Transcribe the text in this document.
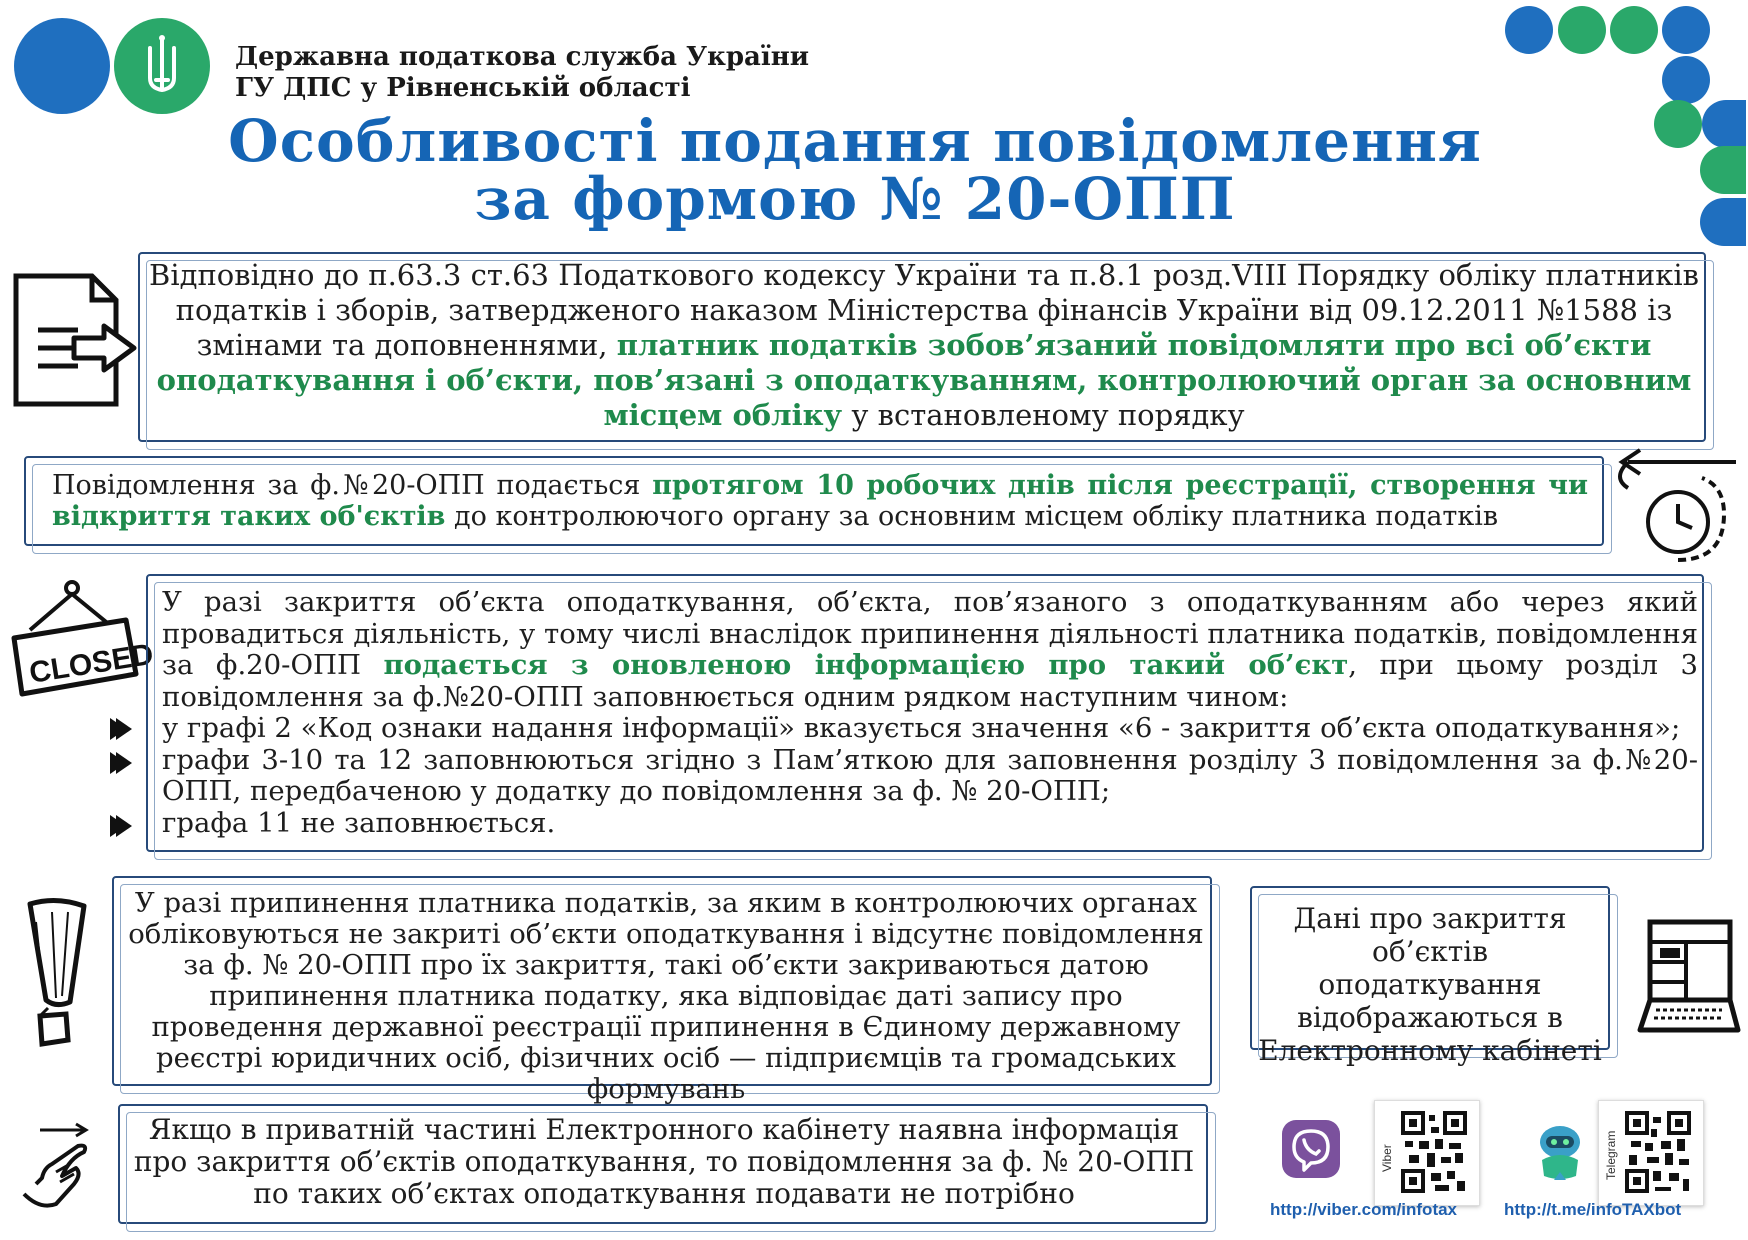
Державна податкова служба України
ГУ ДПС у Рівненській області
Особливості подання повідомлення
за формою № 20-ОПП
Відповідно до п.63.3 ст.63 Податкового кодексу України та п.8.1 розд.VIII Порядку обліку платників податків і зборів, затвердженого наказом Міністерства фінансів України від 09.12.2011 №1588 із змінами та доповненнями, платник податків зобов’язаний повідомляти про всі об’єкти оподаткування і об’єкти, пов’язані з оподаткуванням, контролюючий орган за основним місцем обліку у встановленому порядку
Повідомлення за ф.№20-ОПП подається протягом 10 робочих днів після реєстрації, створення чи відкриття таких об'єктів до контролюючого органу за основним місцем обліку платника податків
CLOSED
У разі закриття об’єкта оподаткування, об’єкта, пов’язаного з оподаткуванням або через який провадиться діяльність, у тому числі внаслідок припинення діяльності платника податків, повідомлення за ф.20-ОПП подається з оновленою інформацією про такий об’єкт, при цьому розділ 3 повідомлення за ф.№20-ОПП заповнюється одним рядком наступним чином:
у графі 2 «Код ознаки надання інформації» вказується значення «6 - закриття об’єкта оподаткування»;
графи 3-10 та 12 заповнюються згідно з Пам’яткою для заповнення розділу 3 повідомлення за ф.№20-ОПП, передбаченою у додатку до повідомлення за ф. № 20-ОПП;
графа 11 не заповнюється.
У разі припинення платника податків, за яким в контролюючих органах обліковуються не закриті об’єкти оподаткування і відсутнє повідомлення за ф. № 20-ОПП про їх закриття, такі об’єкти закриваються датою припинення платника податку, яка відповідає даті запису про проведення державної реєстрації припинення в Єдиному державному реєстрі юридичних осіб, фізичних осіб — підприємців та громадських формувань
Дані про закриття об’єктів оподаткування відображаються в Електронному кабінеті
Якщо в приватній частині Електронного кабінету наявна інформація про закриття об’єктів оподаткування, то повідомлення за ф. № 20-ОПП по таких об’єктах оподаткування подавати не потрібно
Viber
http://viber.com/infotax
Telegram
http://t.me/infoTAXbot
